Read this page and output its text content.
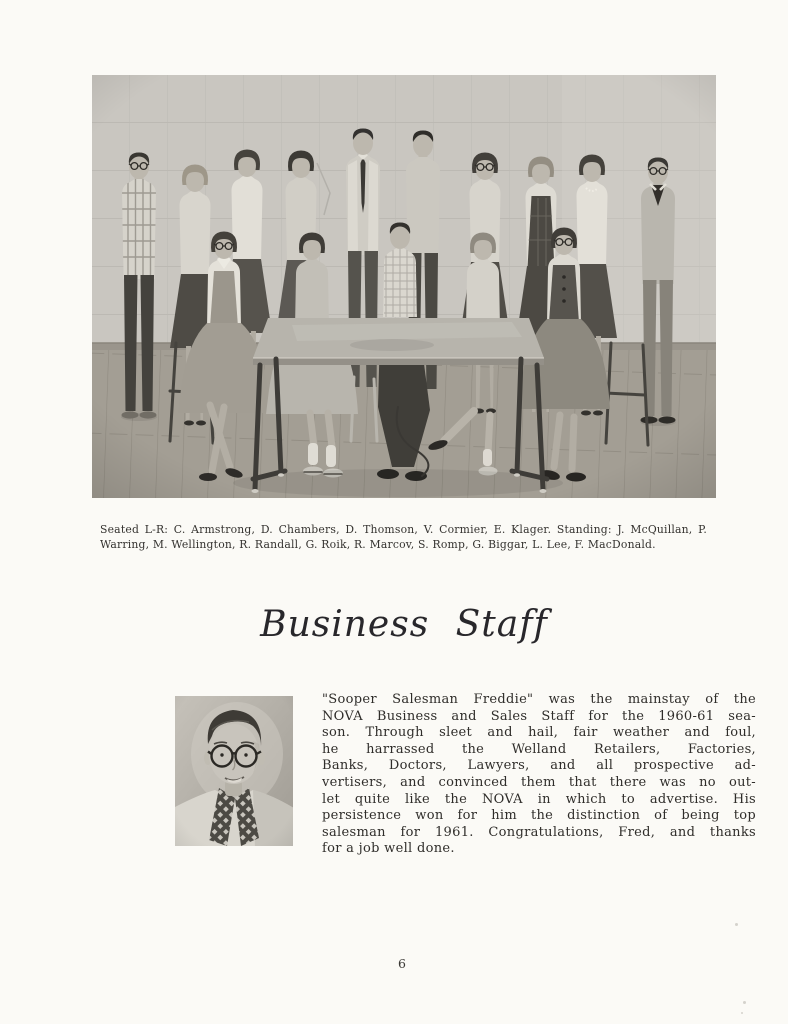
Seated L-R: C. Armstrong, D. Chambers, D. Thomson, V. Cormier, E. Klager. Standing: J. McQuillan, P.
Warring, M. Wellington, R. Randall, G. Roik, R. Marcov, S. Romp, G. Biggar, L. Lee, F. MacDonald.
Business Staff
"Sooper Salesman Freddie" was the mainstay of the
NOVA Business and Sales Staff for the 1960-61 sea-
son. Through sleet and hail, fair weather and foul,
he harrassed the Welland Retailers, Factories,
Banks, Doctors, Lawyers, and all prospective ad-
vertisers, and convinced them that there was no out-
let quite like the NOVA in which to advertise. His
persistence won for him the distinction of being top
salesman for 1961. Congratulations, Fred, and thanks
for a job well done.
6
